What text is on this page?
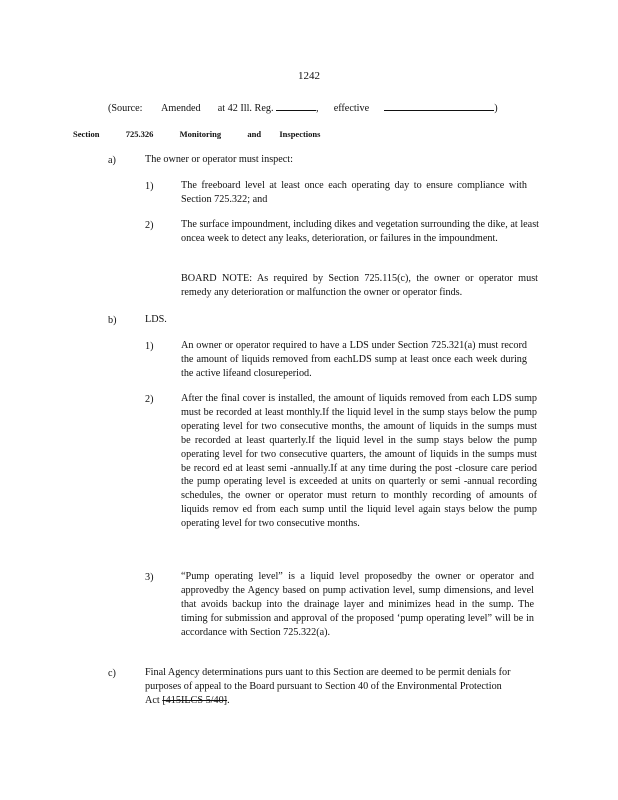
1242
(Source: Amended at 42 Ill. Reg.	, effective	)
Section	725.326	Monitoring	and Inspections
a)	The owner or operator must inspect:
1)	The freeboard level at least once each operating day to ensure compliance with Section 725.322; and
2)	The surface impoundment, including dikes and vegetation surrounding the dike, at least oncea week to detect any leaks, deterioration, or failures in the impoundment.
BOARD NOTE: As required by Section 725.115(c), the owner or operator must remedy any deterioration or malfunction the owner or operator finds.
b)	LDS.
1)	An owner or operator required to have a LDS under Section 725.321(a) must record the amount of liquids removed from eachLDS sump at least once each week during the active lifeand closureperiod.
2)	After the final cover is installed, the amount of liquids removed from each LDS sump must be recorded at least monthly.If the liquid level in the sump stays below the pump operating level for two consecutive months, the amount of liquids in the sumps must be recorded at least quarterly.If the liquid level in the sump stays below the pump operating level for two consecutive quarters, the amount of liquids in the sumps must be record ed at least semi -annually.If at any time during the post -closure care period the pump operating level is exceeded at units on quarterly or semi -annual recording schedules, the owner or operator must return to monthly recording of amounts of liquids remov ed from each sump until the liquid level again stays below the pump operating level for two consecutive months.
3)	“Pump operating level” is a liquid level proposedby the owner or operator and approvedby the Agency based on pump activation level, sump dimensions, and level that avoids backup into the drainage layer and minimizes head in the sump. The timing for submission and approval of the proposed ‘pump operating level” will be in accordance with Section 725.322(a).
c)	Final Agency determinations purs uant to this Section are deemed to be permit denials for purposes of appeal to the Board pursuant to Section 40 of the Environmental Protection Act [415ILCS 5/40].
